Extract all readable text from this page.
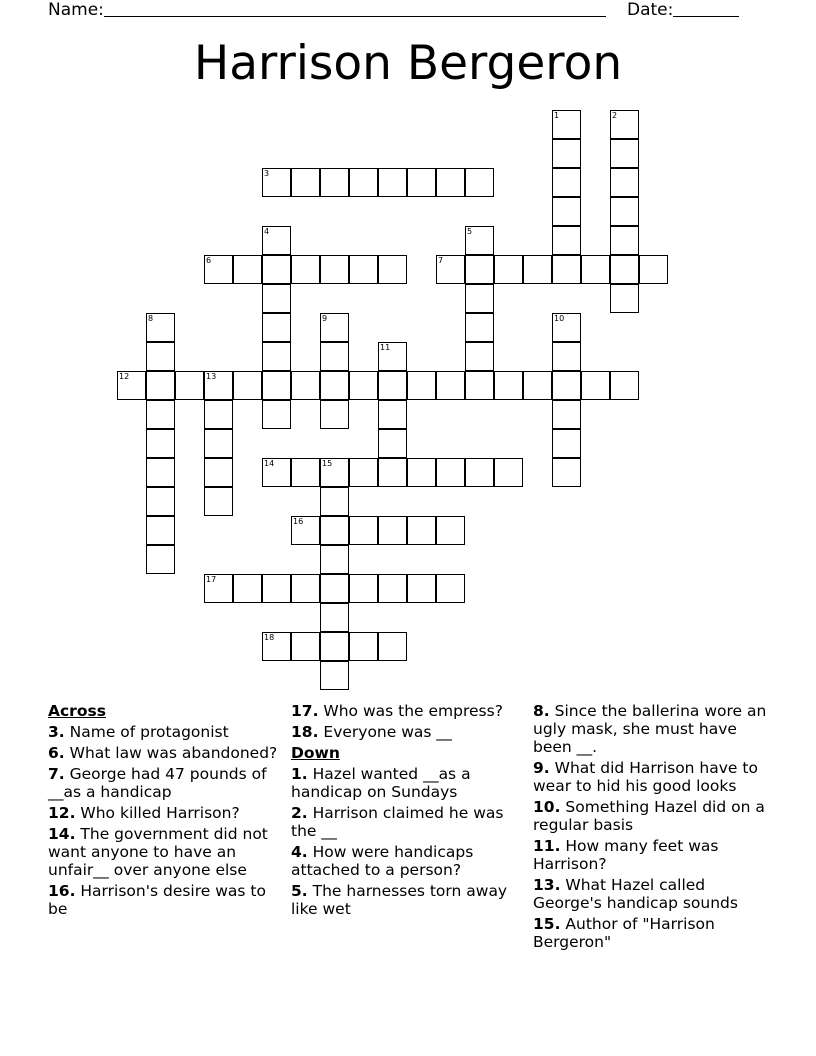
Name:	Date:
Harrison Bergeron
1	2
3
4	5
6	7
8	9	10
11
12	13
14	15
16
17
18
Across
3. Name of protagonist
6. What law was abandoned?
7. George had 47 pounds of __as a handicap
12. Who killed Harrison?
14. The government did not want anyone to have an unfair__ over anyone else
16. Harrison's desire was to be
17. Who was the empress?
18. Everyone was __
Down
1. Hazel wanted __as a handicap on Sundays
2. Harrison claimed he was the __
4. How were handicaps attached to a person?
5. The harnesses torn away like wet
8. Since the ballerina wore an ugly mask, she must have been __.
9. What did Harrison have to wear to hid his good looks
10. Something Hazel did on a regular basis
11. How many feet was Harrison?
13. What Hazel called George's handicap sounds
15. Author of "Harrison Bergeron"
